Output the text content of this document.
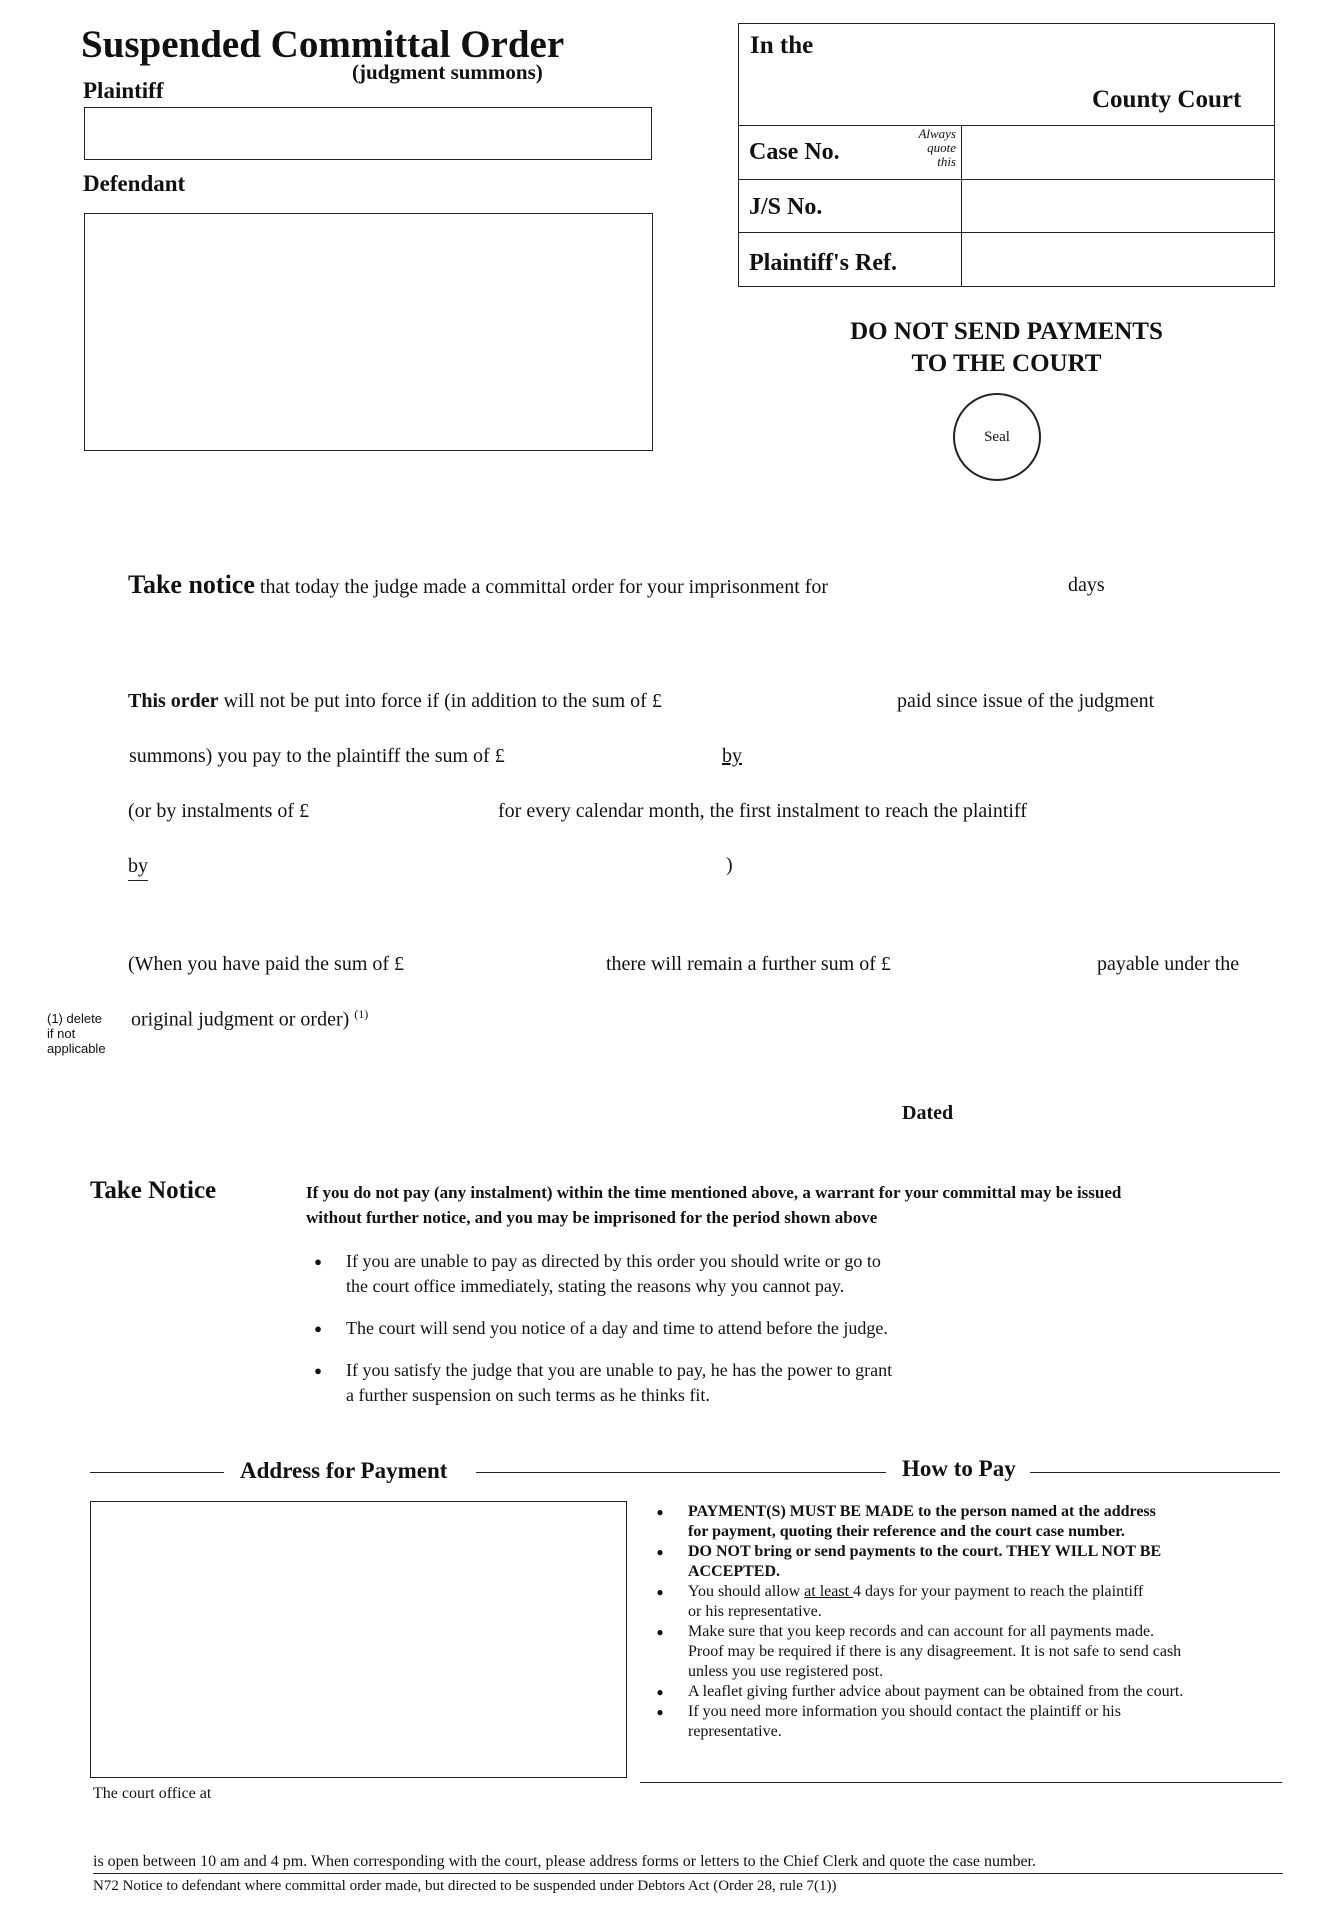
Suspended Committal Order
(judgment summons)
Plaintiff
Defendant
In the
County Court
Case No.
Always
quote
this
J/S No.
Plaintiff's Ref.
DO NOT SEND PAYMENTS
TO THE COURT
Seal
Take notice that today the judge made a committal order for your imprisonment for	days
This order will not be put into force if (in addition to the sum of £	paid since issue of the judgment
summons) you pay to the plaintiff the sum of £	by
(or by instalments of £	for every calendar month, the first instalment to reach the plaintiff
by	)
(When you have paid the sum of £	there will remain a further sum of £	payable under the
(1) delete
if not
applicable
original judgment or order) $^{(1)}$
Dated
Take Notice	If you do not pay (any instalment) within the time mentioned above, a warrant for your committal may be issued
without further notice, and you may be imprisoned for the period shown above
●	If you are unable to pay as directed by this order you should write or go to
the court office immediately, stating the reasons why you cannot pay.
●	The court will send you notice of a day and time to attend before the judge.
●	If you satisfy the judge that you are unable to pay, he has the power to grant
a further suspension on such terms as he thinks fit.
Address for Payment	How to Pay
●	PAYMENT(S) MUST BE MADE to the person named at the address
for payment, quoting their reference and the court case number.
●	DO NOT bring or send payments to the court. THEY WILL NOT BE
ACCEPTED.
●	You should allow at least 4 days for your payment to reach the plaintiff
or his representative.
●	Make sure that you keep records and can account for all payments made.
Proof may be required if there is any disagreement. It is not safe to send cash
unless you use registered post.
●	A leaflet giving further advice about payment can be obtained from the court.
●	If you need more information you should contact the plaintiff or his
representative.
The court office at
is open between 10 am and 4 pm. When corresponding with the court, please address forms or letters to the Chief Clerk and quote the case number.
N72 Notice to defendant where committal order made, but directed to be suspended under Debtors Act (Order 28, rule 7(1))
